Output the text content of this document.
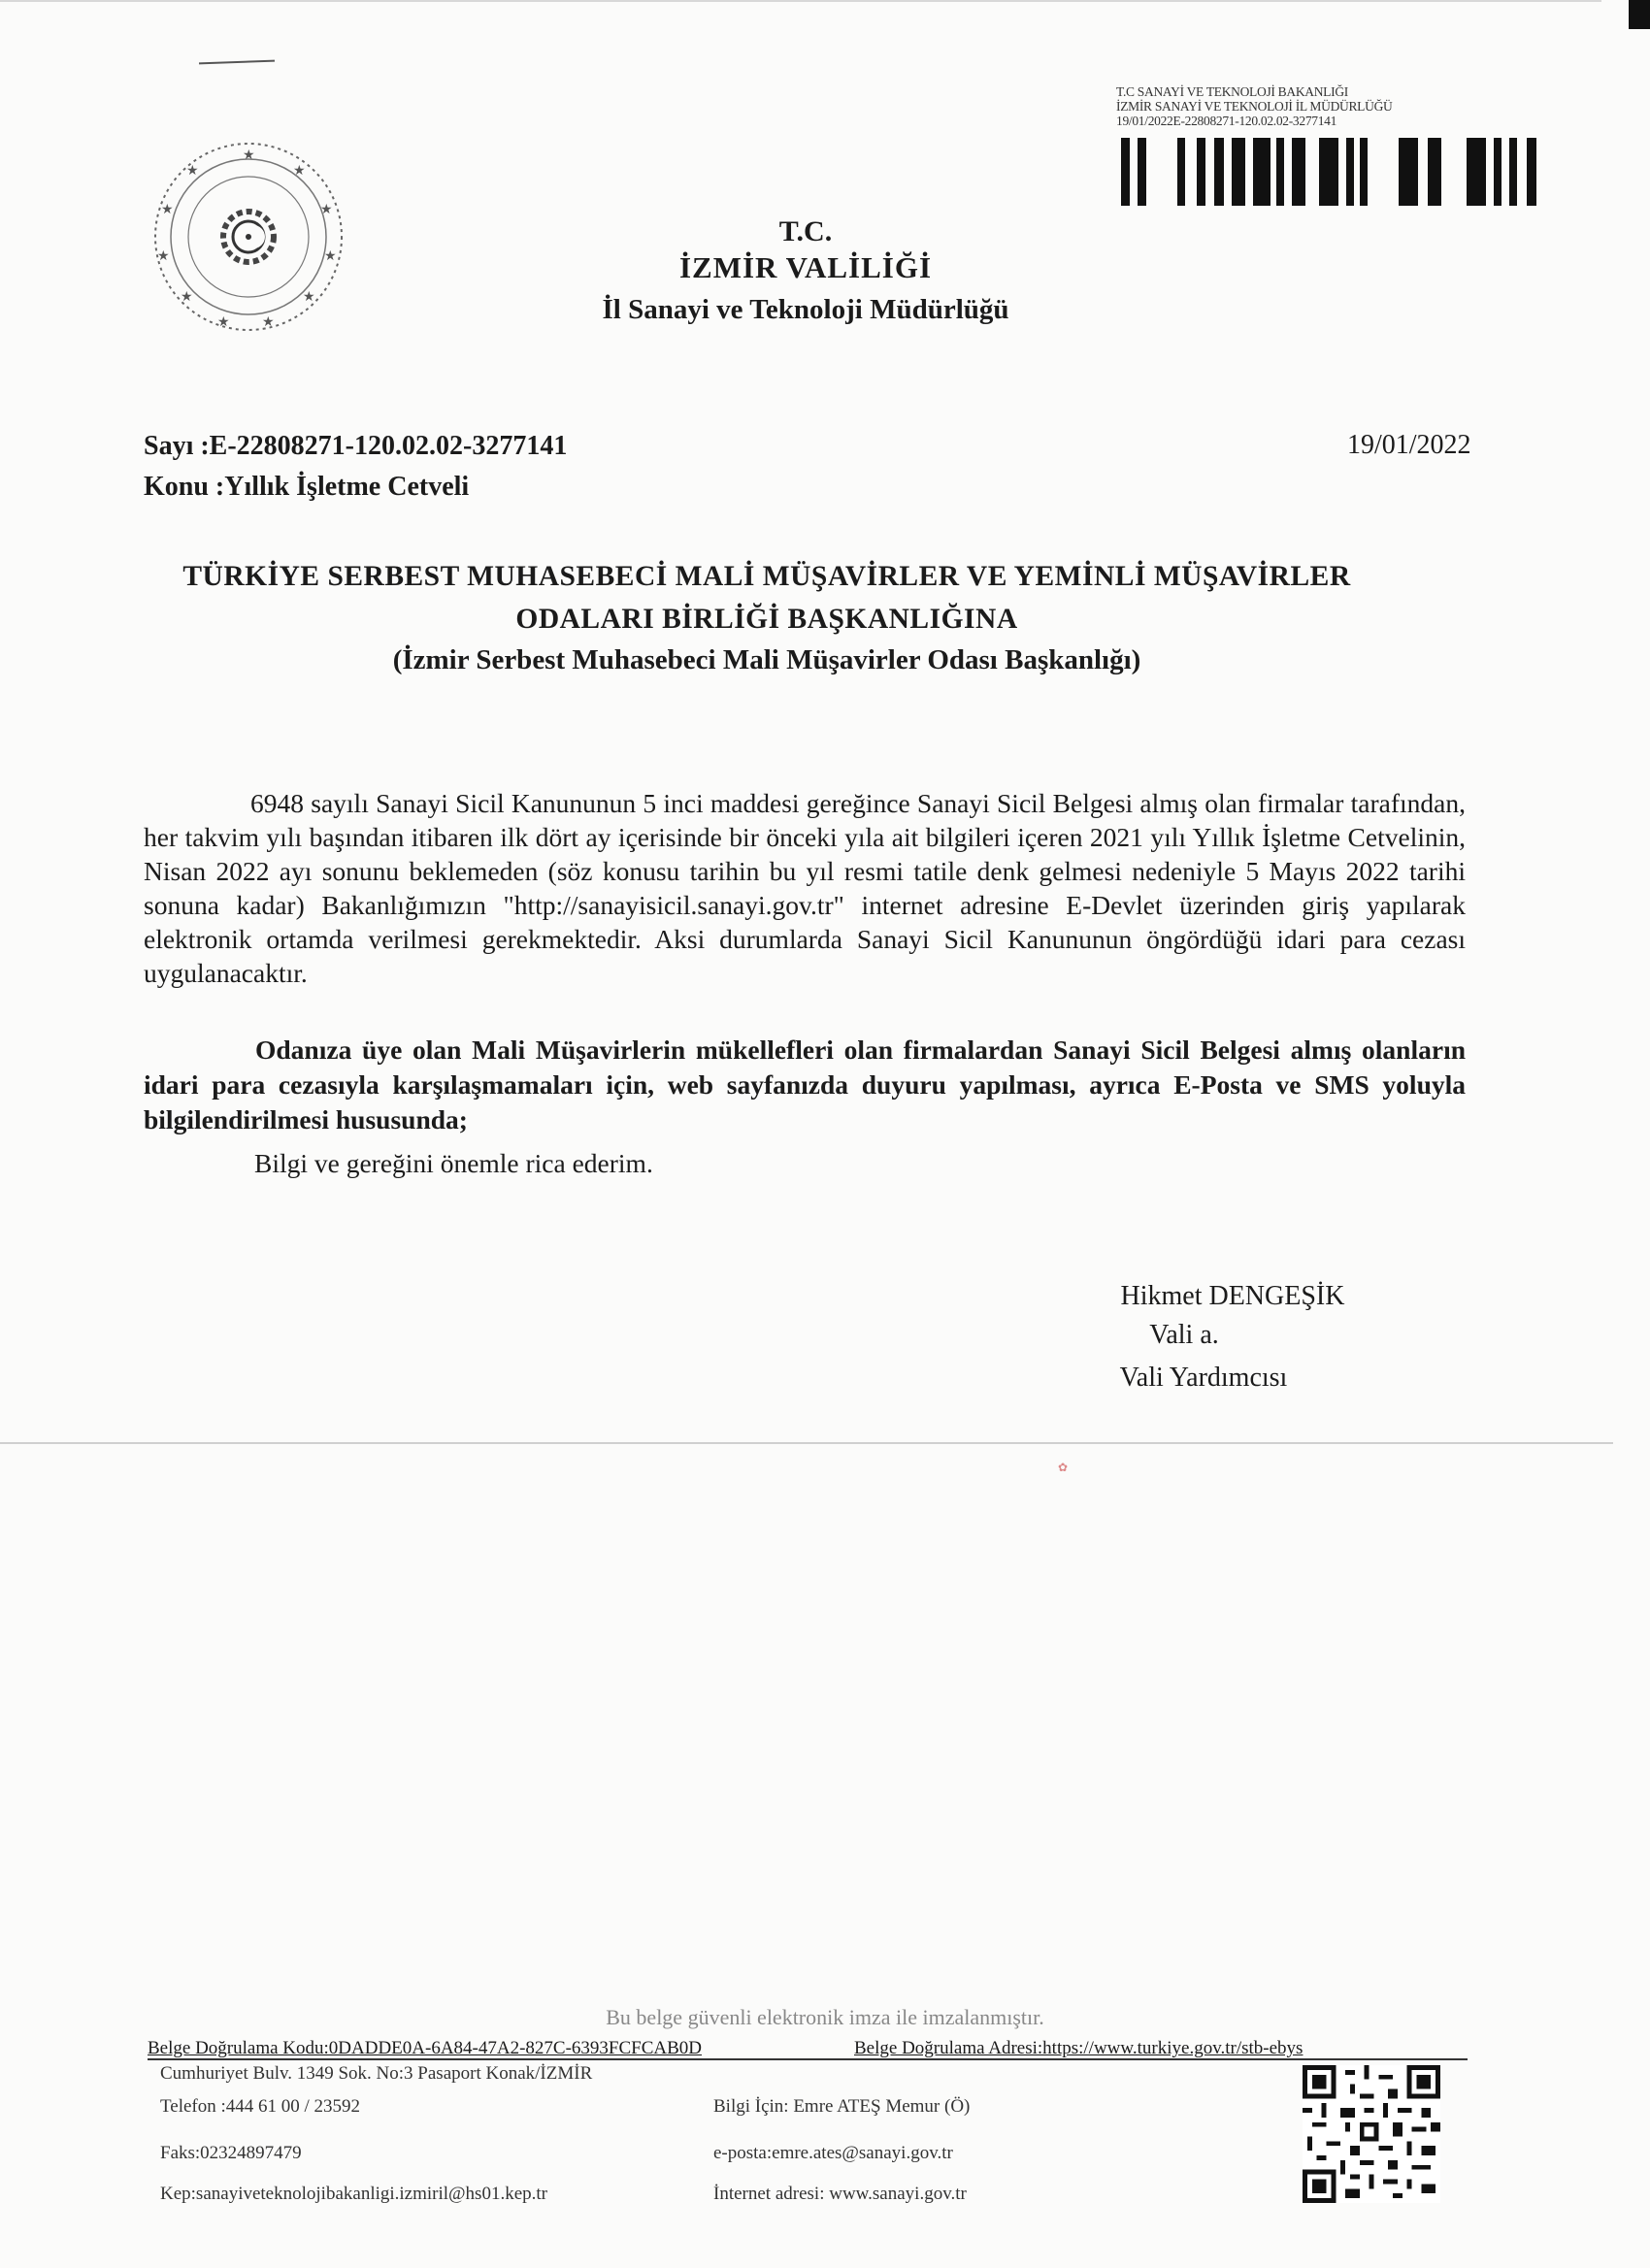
★
★
★
★
★
★
★
★
★
★
★
T.C.
İZMİR VALİLİĞİ
İl Sanayi ve Teknoloji Müdürlüğü
T.C SANAYİ VE TEKNOLOJİ BAKANLIĞI
İZMİR SANAYİ VE TEKNOLOJİ İL MÜDÜRLÜĞÜ
19/01/2022E-22808271-120.02.02-3277141
Sayı :E-22808271-120.02.02-3277141
Konu :Yıllık İşletme Cetveli
19/01/2022
TÜRKİYE SERBEST MUHASEBECİ MALİ MÜŞAVİRLER VE YEMİNLİ MÜŞAVİRLER
ODALARI BİRLİĞİ BAŞKANLIĞINA
(İzmir Serbest Muhasebeci Mali Müşavirler Odası Başkanlığı)
6948 sayılı Sanayi Sicil Kanununun 5 inci maddesi gereğince Sanayi Sicil Belgesi almış olan firmalar tarafından, her takvim yılı başından itibaren ilk dört ay içerisinde bir önceki yıla ait bilgileri içeren 2021 yılı Yıllık İşletme Cetvelinin, Nisan 2022 ayı sonunu beklemeden (söz konusu tarihin bu yıl resmi tatile denk gelmesi nedeniyle 5 Mayıs 2022 tarihi sonuna kadar) Bakanlığımızın "http://sanayisicil.sanayi.gov.tr" internet adresine E-Devlet üzerinden giriş yapılarak elektronik ortamda verilmesi gerekmektedir. Aksi durumlarda Sanayi Sicil Kanununun öngördüğü idari para cezası uygulanacaktır.
Odanıza üye olan Mali Müşavirlerin mükellefleri olan firmalardan Sanayi Sicil Belgesi almış olanların idari para cezasıyla karşılaşmamaları için, web sayfanızda duyuru yapılması, ayrıca E-Posta ve SMS yoluyla bilgilendirilmesi hususunda;
Bilgi ve gereğini önemle rica ederim.
Hikmet DENGEŞİK
Vali a.
Vali Yardımcısı
✿
Bu belge güvenli elektronik imza ile imzalanmıştır.
Belge Doğrulama Kodu:0DADDE0A-6A84-47A2-827C-6393FCFCAB0D	Belge Doğrulama Adresi:https://www.turkiye.gov.tr/stb-ebys
Cumhuriyet Bulv. 1349 Sok. No:3 Pasaport Konak/İZMİR
Telefon :444 61 00 / 23592
Faks:02324897479
Kep:sanayiveteknolojibakanligi.izmiril@hs01.kep.tr
Bilgi İçin: Emre ATEŞ Memur (Ö)
e-posta:emre.ates@sanayi.gov.tr
İnternet adresi: www.sanayi.gov.tr
